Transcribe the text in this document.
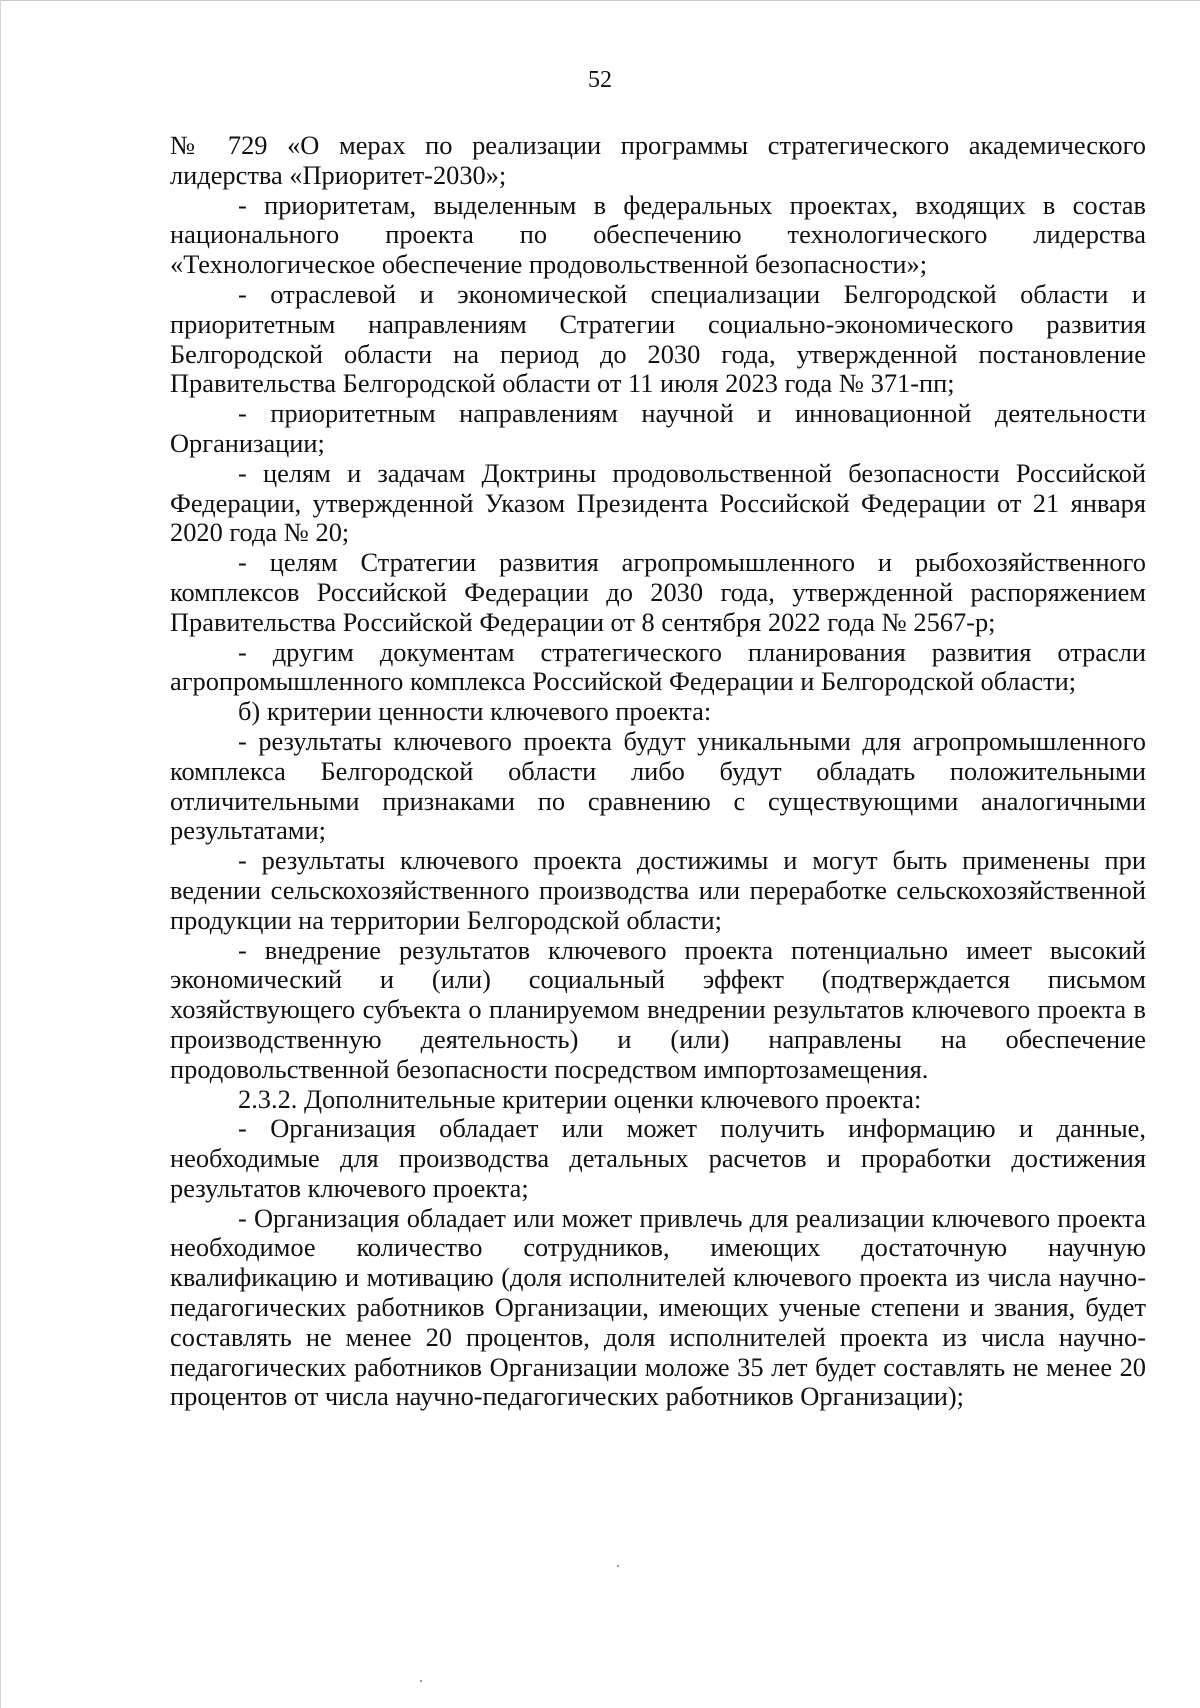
52

№ 729 «О мерах по реализации программы стратегического академического лидерства «Приоритет-2030»;

- приоритетам, выделенным в федеральных проектах, входящих в состав национального проекта по обеспечению технологического лидерства «Технологическое обеспечение продовольственной безопасности»;

- отраслевой и экономической специализации Белгородской области и приоритетным направлениям Стратегии социально-экономического развития Белгородской области на период до 2030 года, утвержденной постановление Правительства Белгородской области от 11 июля 2023 года № 371-пп;

- приоритетным направлениям научной и инновационной деятельности Организации;

- целям и задачам Доктрины продовольственной безопасности Российской Федерации, утвержденной Указом Президента Российской Федерации от 21 января 2020 года № 20;

- целям Стратегии развития агропромышленного и рыбохозяйственного комплексов Российской Федерации до 2030 года, утвержденной распоряжением Правительства Российской Федерации от 8 сентября 2022 года № 2567-р;

- другим документам стратегического планирования развития отрасли агропромышленного комплекса Российской Федерации и Белгородской области;

б) критерии ценности ключевого проекта:

- результаты ключевого проекта будут уникальными для агропромышленного комплекса Белгородской области либо будут обладать положительными отличительными признаками по сравнению с существующими аналогичными результатами;

- результаты ключевого проекта достижимы и могут быть применены при ведении сельскохозяйственного производства или переработке сельскохозяйственной продукции на территории Белгородской области;

- внедрение результатов ключевого проекта потенциально имеет высокий экономический и (или) социальный эффект (подтверждается письмом хозяйствующего субъекта о планируемом внедрении результатов ключевого проекта в производственную деятельность) и (или) направлены на обеспечение продовольственной безопасности посредством импортозамещения.

2.3.2. Дополнительные критерии оценки ключевого проекта:

- Организация обладает или может получить информацию и данные, необходимые для производства детальных расчетов и проработки достижения результатов ключевого проекта;

- Организация обладает или может привлечь для реализации ключевого проекта необходимое количество сотрудников, имеющих достаточную научную квалификацию и мотивацию (доля исполнителей ключевого проекта из числа научно-педагогических работников Организации, имеющих ученые степени и звания, будет составлять не менее 20 процентов, доля исполнителей проекта из числа научно-педагогических работников Организации моложе 35 лет будет составлять не менее 20 процентов от числа научно-педагогических работников Организации);
